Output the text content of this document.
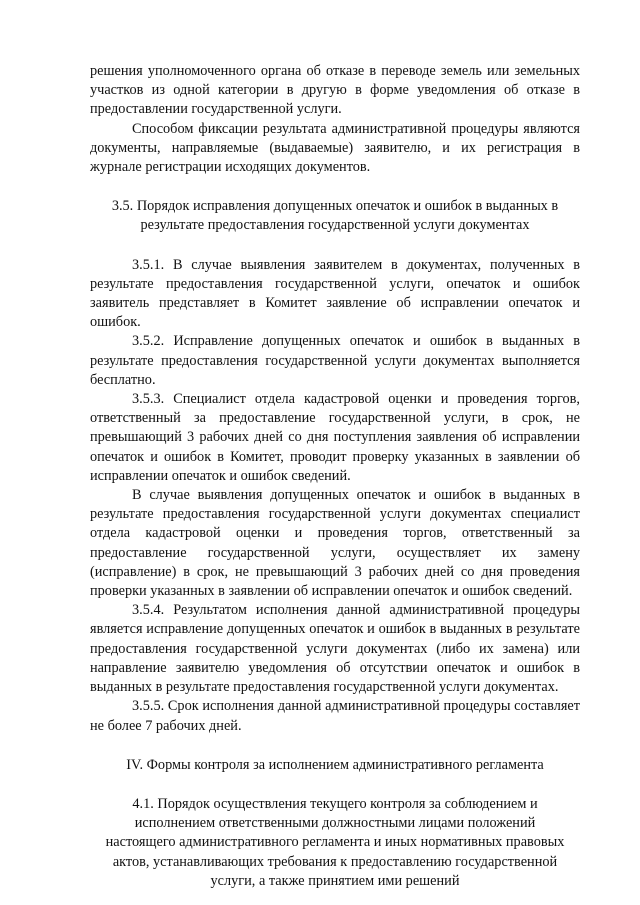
решения уполномоченного органа об отказе в переводе земель или земельных участков из одной категории в другую в форме уведомления об отказе в предоставлении государственной услуги.

Способом фиксации результата административной процедуры являются документы, направляемые (выдаваемые) заявителю, и их регистрация в журнале регистрации исходящих документов.

3.5. Порядок исправления допущенных опечаток и ошибок в выданных в
результате предоставления государственной услуги документах

3.5.1. В случае выявления заявителем в документах, полученных в результате предоставления государственной услуги, опечаток и ошибок заявитель представляет в Комитет заявление об исправлении опечаток и ошибок.

3.5.2. Исправление допущенных опечаток и ошибок в выданных в результате предоставления государственной услуги документах выполняется бесплатно.

3.5.3. Специалист отдела кадастровой оценки и проведения торгов, ответственный за предоставление государственной услуги, в срок, не превышающий 3 рабочих дней со дня поступления заявления об исправлении опечаток и ошибок в Комитет, проводит проверку указанных в заявлении об исправлении опечаток и ошибок сведений.

В случае выявления допущенных опечаток и ошибок в выданных в результате предоставления государственной услуги документах специалист отдела кадастровой оценки и проведения торгов, ответственный за предоставление государственной услуги, осуществляет их замену (исправление) в срок, не превышающий 3 рабочих дней со дня проведения проверки указанных в заявлении об исправлении опечаток и ошибок сведений.

3.5.4. Результатом исполнения данной административной процедуры является исправление допущенных опечаток и ошибок в выданных в результате предоставления государственной услуги документах (либо их замена) или направление заявителю уведомления об отсутствии опечаток и ошибок в выданных в результате предоставления государственной услуги документах.

3.5.5. Срок исполнения данной административной процедуры составляет не более 7 рабочих дней.

IV. Формы контроля за исполнением административного регламента

4.1. Порядок осуществления текущего контроля за соблюдением и
исполнением ответственными должностными лицами положений
настоящего административного регламента и иных нормативных правовых
актов, устанавливающих требования к предоставлению государственной
услуги, а также принятием ими решений
